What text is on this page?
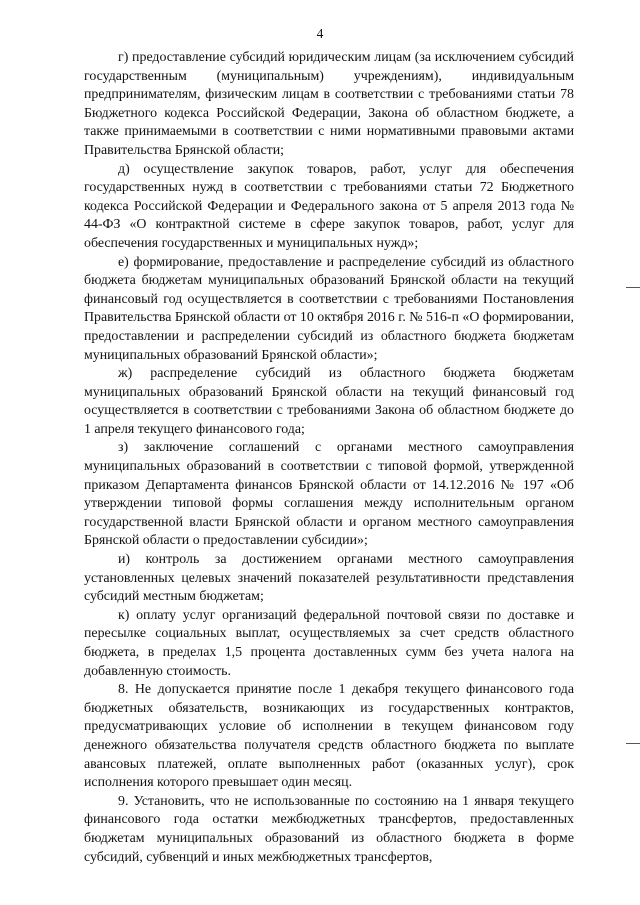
4

г) предоставление субсидий юридическим лицам (за исключением субсидий государственным (муниципальным) учреждениям), индивидуальным предпринимателям, физическим лицам в соответствии с требованиями статьи 78 Бюджетного кодекса Российской Федерации, Закона об областном бюджете, а также принимаемыми в соответствии с ними нормативными правовыми актами Правительства Брянской области;

д) осуществление закупок товаров, работ, услуг для обеспечения государственных нужд в соответствии с требованиями статьи 72 Бюджетного кодекса Российской Федерации и Федерального закона от 5 апреля 2013 года № 44-ФЗ «О контрактной системе в сфере закупок товаров, работ, услуг для обеспечения государственных и муниципальных нужд»;

е) формирование, предоставление и распределение субсидий из областного бюджета бюджетам муниципальных образований Брянской области на текущий финансовый год осуществляется в соответствии с требованиями Постановления Правительства Брянской области от 10 октября 2016 г. № 516-п «О формировании, предоставлении и распределении субсидий из областного бюджета бюджетам муниципальных образований Брянской области»;

ж) распределение субсидий из областного бюджета бюджетам муниципальных образований Брянской области на текущий финансовый год осуществляется в соответствии с требованиями Закона об областном бюджете до 1 апреля текущего финансового года;

з) заключение соглашений с органами местного самоуправления муниципальных образований в соответствии с типовой формой, утвержденной приказом Департамента финансов Брянской области от 14.12.2016 № 197 «Об утверждении типовой формы соглашения между исполнительным органом государственной власти Брянской области и органом местного самоуправления Брянской области о предоставлении субсидии»;

и) контроль за достижением органами местного самоуправления установленных целевых значений показателей результативности представления субсидий местным бюджетам;

к) оплату услуг организаций федеральной почтовой связи по доставке и пересылке социальных выплат, осуществляемых за счет средств областного бюджета, в пределах 1,5 процента доставленных сумм без учета налога на добавленную стоимость.

8. Не допускается принятие после 1 декабря текущего финансового года бюджетных обязательств, возникающих из государственных контрактов, предусматривающих условие об исполнении в текущем финансовом году денежного обязательства получателя средств областного бюджета по выплате авансовых платежей, оплате выполненных работ (оказанных услуг), срок исполнения которого превышает один месяц.

9. Установить, что не использованные по состоянию на 1 января текущего финансового года остатки межбюджетных трансфертов, предоставленных бюджетам муниципальных образований из областного бюджета в форме субсидий, субвенций и иных межбюджетных трансфертов,
